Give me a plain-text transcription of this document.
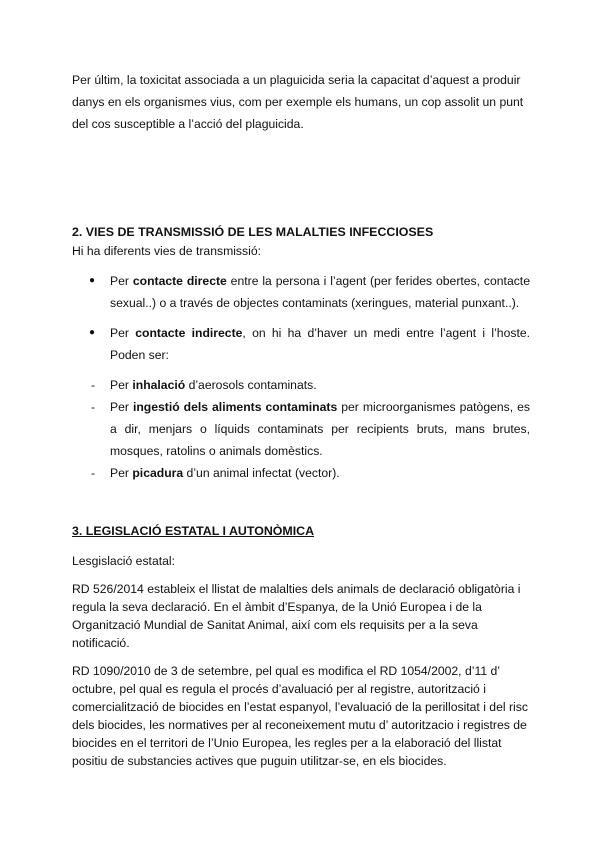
Per últim, la toxicitat associada a un plaguicida seria la capacitat d’aquest a produir danys en els organismes vius, com per exemple els humans, un cop assolit un punt del cos susceptible a l’acció del plaguicida.

2. VIES DE TRANSMISSIÓ DE LES MALALTIES INFECCIOSES

Hi ha diferents vies de transmissió:

● Per contacte directe entre la persona i l’agent (per ferides obertes, contacte sexual..) o a través de objectes contaminats (xeringues, material punxant..).

● Per contacte indirecte, on hi ha d’haver un medi entre l’agent i l’hoste. Poden ser:

- Per inhalació d’aerosols contaminats.

- Per ingestió dels aliments contaminats per microorganismes patògens, es a dir, menjars o líquids contaminats per recipients bruts, mans brutes, mosques, ratolins o animals domèstics.

- Per picadura d’un animal infectat (vector).

3. LEGISLACIÓ ESTATAL I AUTONÒMICA

Lesgislació estatal:

RD 526/2014 estableix el llistat de malalties dels animals de declaració obligatòria i regula la seva declaració. En el àmbit d’Espanya, de la Unió Europea i de la Organització Mundial de Sanitat Animal, així com els requisits per a la seva notificació.

RD 1090/2010 de 3 de setembre, pel qual es modifica el RD 1054/2002, d’11 d’ octubre, pel qual es regula el procés d’avaluació per al registre, autorització i comercialització de biocides en l’estat espanyol, l’evaluació de la perillositat i del risc dels biocides, les normatives per al reconeixement mutu d’ autoritzacio i registres de biocides en el territori de l’Unio Europea, les regles per a la elaboració del llistat positiu de substancies actives que puguin utilitzar-se, en els biocides.
